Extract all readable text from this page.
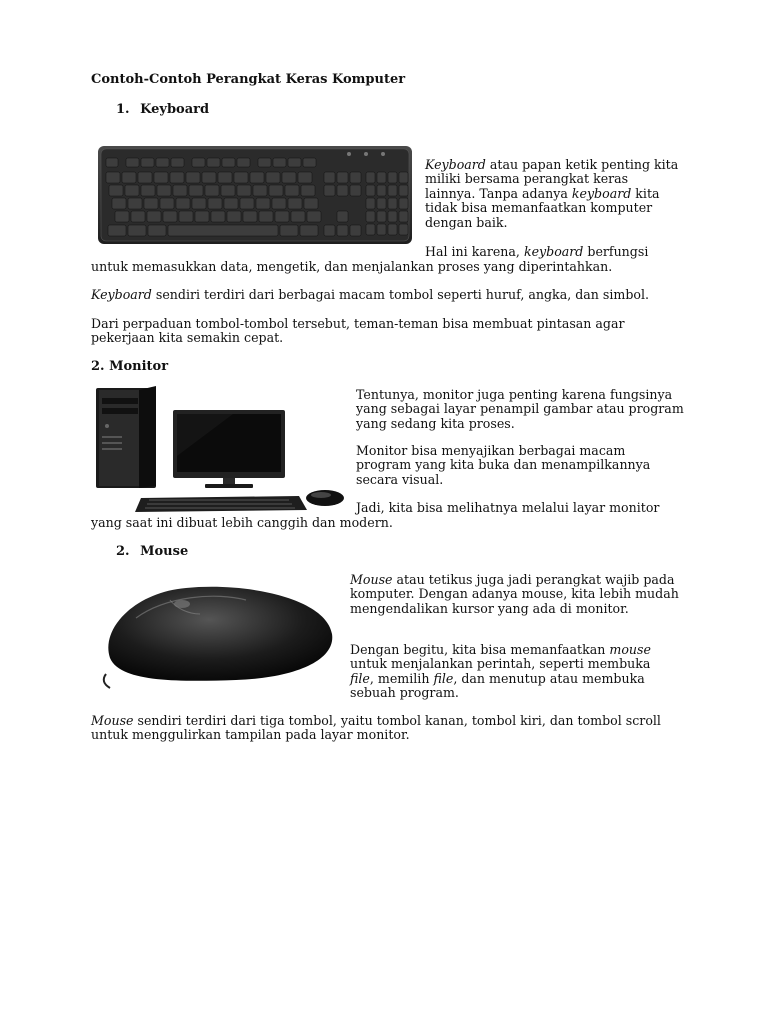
Contoh-Contoh Perangkat Keras Komputer
1. Keyboard
Keyboard atau papan ketik penting kita miliki bersama perangkat keras lainnya. Tanpa adanya keyboard kita tidak bisa memanfaatkan komputer dengan baik.
Hal ini karena, keyboard berfungsi
untuk memasukkan data, mengetik, dan menjalankan proses yang diperintahkan.
Keyboard sendiri terdiri dari berbagai macam tombol seperti huruf, angka, dan simbol.
Dari perpaduan tombol-tombol tersebut, teman-teman bisa membuat pintasan agar pekerjaan kita semakin cepat.
2. Monitor
Tentunya, monitor juga penting karena fungsinya yang sebagai layar penampil gambar atau program yang sedang kita proses.
Monitor bisa menyajikan berbagai macam program yang kita buka dan menampilkannya secara visual.
Jadi, kita bisa melihatnya melalui layar monitor
yang saat ini dibuat lebih canggih dan modern.
2. Mouse
Mouse atau tetikus juga jadi perangkat wajib pada komputer. Dengan adanya mouse, kita lebih mudah mengendalikan kursor yang ada di monitor.
Dengan begitu, kita bisa memanfaatkan mouse untuk menjalankan perintah, seperti membuka file, memilih file, dan menutup atau membuka sebuah program.
Mouse sendiri terdiri dari tiga tombol, yaitu tombol kanan, tombol kiri, dan tombol scroll untuk menggulirkan tampilan pada layar monitor.
